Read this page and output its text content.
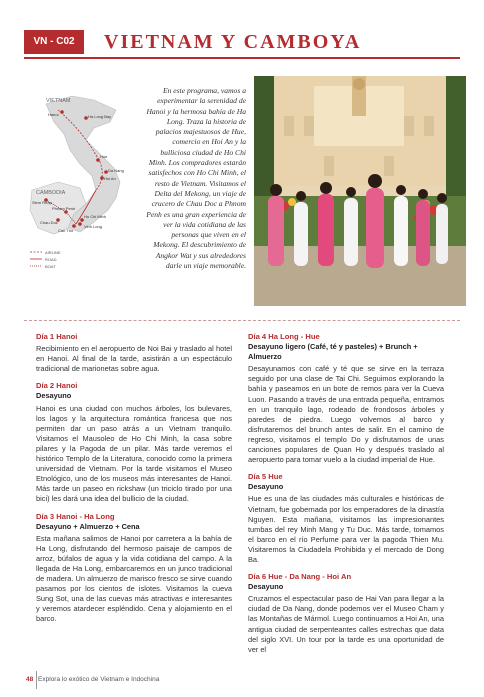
VN - C02	VIETNAM Y CAMBOYA
VIETNAM
CAMBODIA
Hanoi	Ha Long Bay
Hue
Da Nang
Hoi An
Siem Reap
Phnom Penh
Chau Doc
Can Tho
Ho Chi Minh
Vinh Long
AIRLINE
ROAD
BOAT
En este programa, vamos a experimentar la serenidad de Hanoi y la hermosa bahía de Ha Long. Traza la historia de palacios majestuosos de Hue, comercio en Hoi An y la bulliciosa ciudad de Ho Chi Minh. Los compradores estarán satisfechos con Ho Chi Minh, el resto de Vietnam. Visitamos el Delta del Mekong, un viaje de crucero de Chau Doc a Phnom Penh es una gran experiencia de ver la vida cotidiana de las personas que viven en el Mekong. El descubrimiento de Angkor Wat y sus alrededores darle un viaje memorable.
Día 1 Hanoi
Recibimiento en el aeropuerto de Noi Bai y traslado al hotel en Hanoi. Al final de la tarde, asistirán a un espectáculo tradicional de marionetas sobre agua.
Día 2 Hanoi
Desayuno
Hanoi es una ciudad con muchos árboles, los bulevares, los lagos y la arquitectura romántica francesa que nos permiten dar un paso atrás a un Vietnam tranquilo. Visitamos el Mausoleo de Ho Chi Minh, la casa sobre pilares y la Pagoda de un pilar. Más tarde veremos el histórico Templo de la Literatura, conocido como la primera universidad de Vietnam. Por la tarde visitamos el Museo Etnológico, uno de los museos más interesantes de Hanoi. Más tarde un paseo en rickshaw (un triciclo tirado por una bici) les dará una idea del bullicio de la ciudad.
Día 3 Hanoi - Ha Long
Desayuno + Almuerzo + Cena
Esta mañana salimos de Hanoi por carretera a la bahía de Ha Long, disfrutando del hermoso paisaje de campos de arroz, búfalos de agua y la vida cotidiana del campo. A la llegada de Ha Long, embarcaremos en un junco tradicional de madera. Un almuerzo de marisco fresco se sirve cuando pasamos por los cientos de islotes. Visitamos la cueva Sung Sot, una de las cuevas más atractivas e interesantes y veremos atardecer espléndido. Cena y alojamiento en el barco.
Día 4 Ha Long - Hue
Desayuno ligero (Café, té y pasteles) + Brunch + Almuerzo
Desayunamos con café y té que se sirve en la terraza seguido por una clase de Tai Chi. Seguimos explorando la bahía y paseamos en un bote de remos para ver la Cueva Luon. Pasando a través de una entrada pequeña, entramos en un tranquilo lago, rodeado de frondosos árboles y paredes de piedra. Luego volvemos al barco y disfrutaremos del brunch antes de salir. En el camino de regreso, visitamos el templo Do y disfrutamos de unas canciones populares de Quan Ho y después traslado al aeropuerto para tomar vuelo a la ciudad imperial de Hue.
Día 5 Hue
Desayuno
Hue es una de las ciudades más culturales e históricas de Vietnam, fue gobernada por los emperadores de la dinastía Nguyen. Esta mañana, visitamos las impresionantes tumbas del rey Minh Mang y Tu Duc. Más tarde, tomamos el barco en el río Perfume para ver la pagoda Thien Mu. Visitaremos la Ciudadela Prohibida y el mercado de Dong Ba.
Día 6 Hue - Da Nang - Hoi An
Desayuno
Cruzamos el espectacular paso de Hai Van para llegar a la ciudad de Da Nang, donde podemos ver el Museo Cham y las Montañas de Mármol. Luego continuamos a Hoi An, una antigua ciudad de serpenteantes calles estrechas que data del siglo XVI. Un tour por la tarde es una oportunidad de ver el
48 Explora lo exótico de Vietnam e Indochina
